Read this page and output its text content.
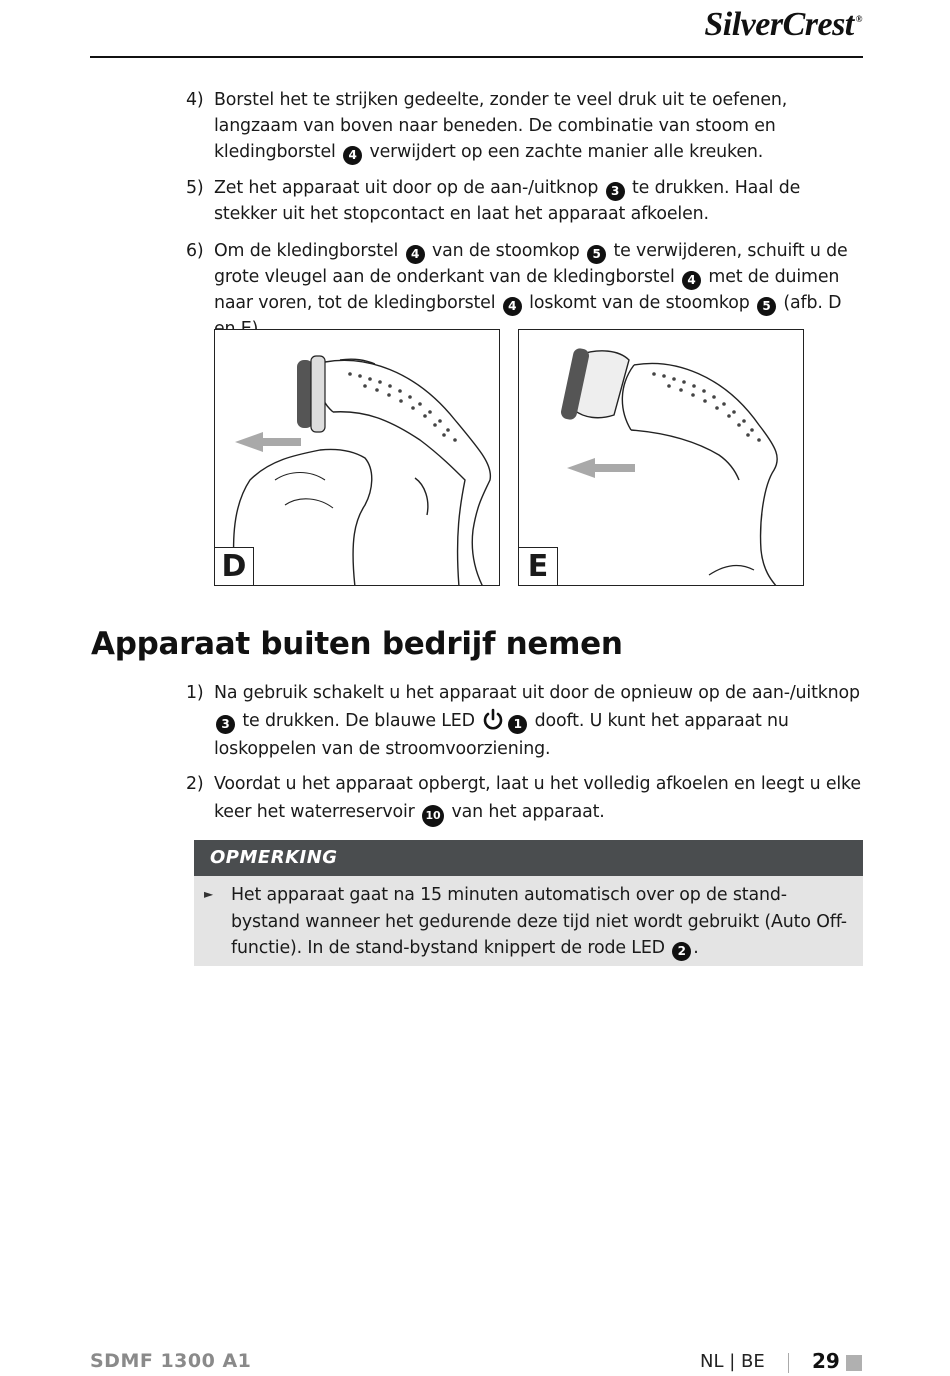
SilverCrest ®
4) Borstel het te strijken gedeelte, zonder te veel druk uit te oefenen, langzaam van boven naar beneden. De combinatie van stoom en kledingborstel 4 verwijdert op een zachte manier alle kreuken.
5) Zet het apparaat uit door op de aan-/uitknop 3 te drukken. Haal de stekker uit het stopcontact en laat het apparaat afkoelen.
6) Om de kledingborstel 4 van de stoomkop 5 te verwijderen, schuift u de grote vleugel aan de onderkant van de kledingborstel 4 met de duimen naar voren, tot de kledingborstel 4 loskomt van de stoomkop 5 (afb. D
D	E
Apparaat buiten bedrijf nemen
1) Na gebruik schakelt u het apparaat uit door de opnieuw op de aan-/uitknop 3 te drukken. De blauwe LED	1 dooft. U kunt het apparaat nu loskoppelen van de stroomvoorziening.
2) Voordat u het apparaat opbergt, laat u het volledig afkoelen en leegt u elke keer het waterreservoir 10 van het apparaat.
OPMERKING
► Het apparaat gaat na 15 minuten automatisch over op de stand-bystand wanneer het gedurende deze tijd niet wordt gebruikt (Auto Off-functie). In de stand-bystand knippert de rode LED 2 .
SDMF 1300 A1	NL | BE 29
